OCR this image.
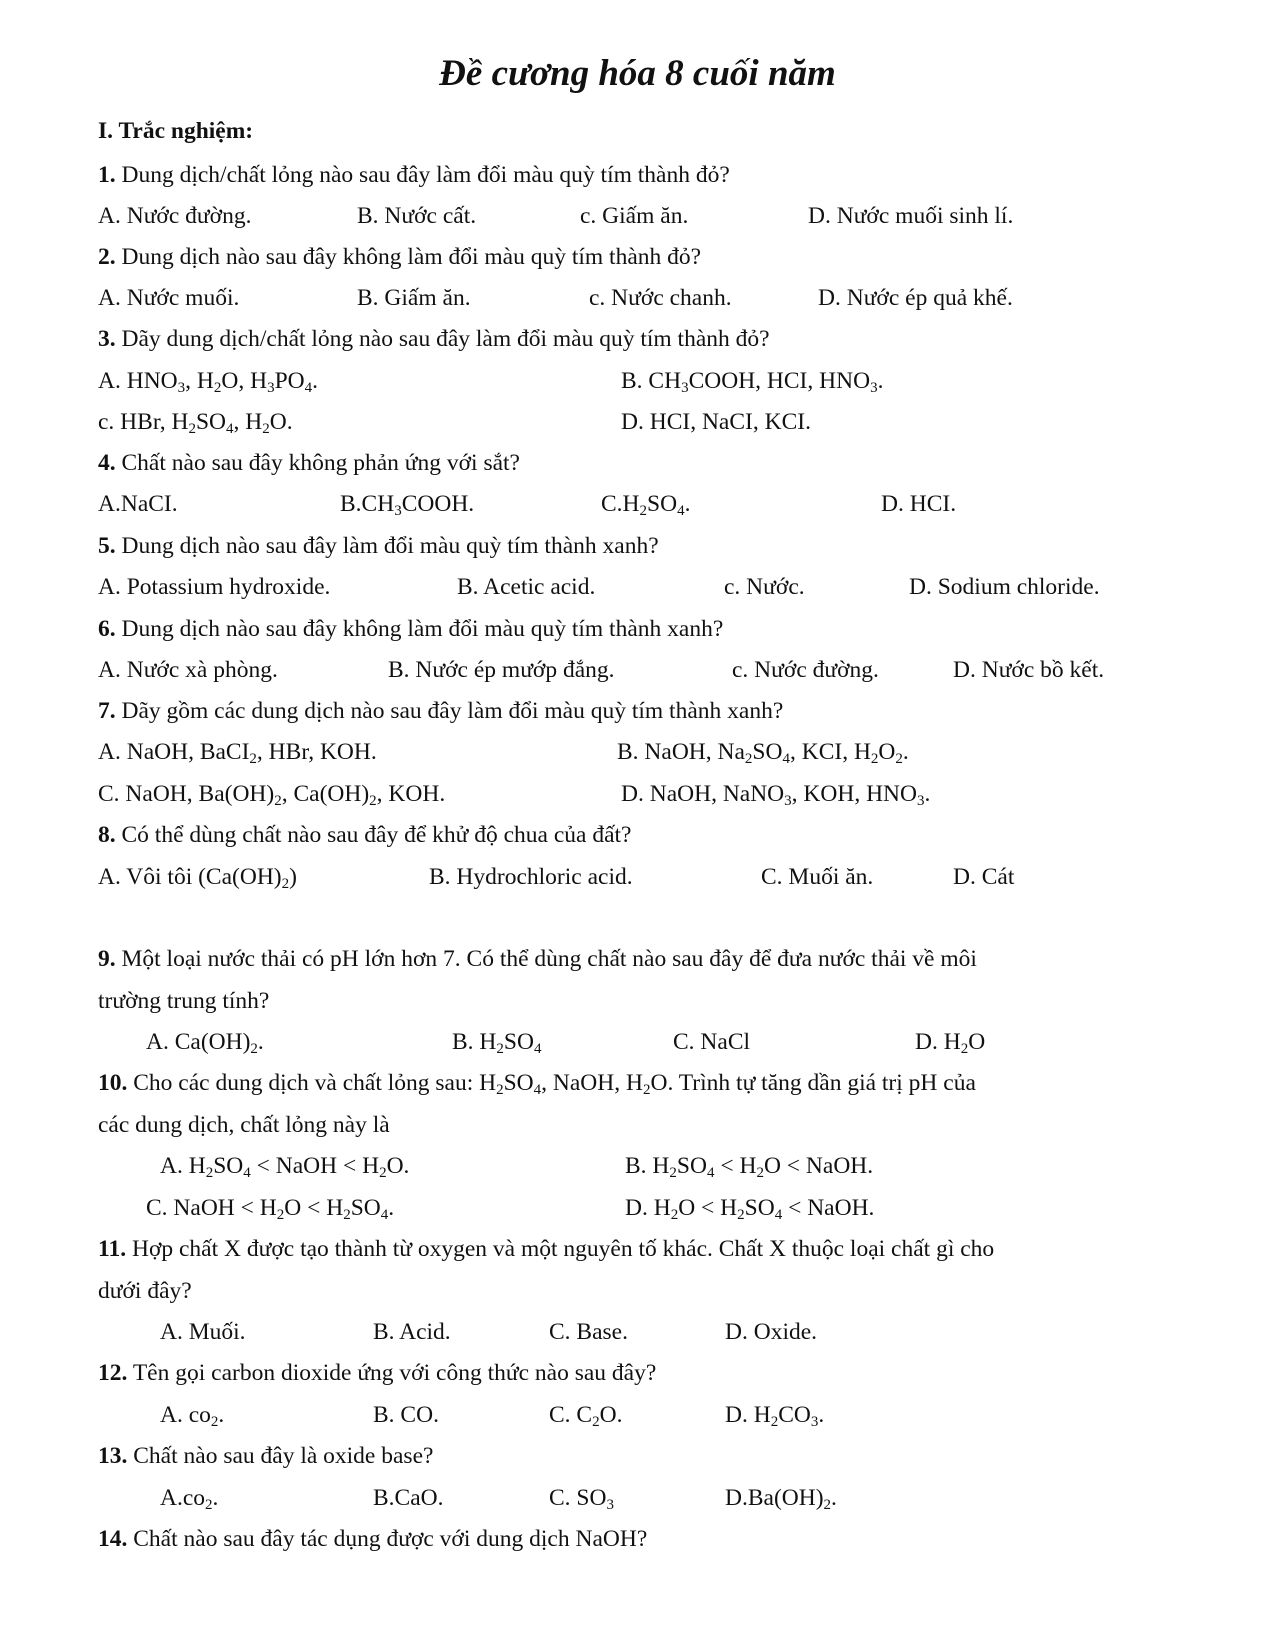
Đề cương hóa 8 cuối năm
I. Trắc nghiệm:
1. Dung dịch/chất lỏng nào sau đây làm đổi màu quỳ tím thành đỏ?
A. Nước đường.	B. Nước cất.	c. Giấm ăn.	D. Nước muối sinh lí.
2. Dung dịch nào sau đây không làm đổi màu quỳ tím thành đỏ?
A. Nước muối.	B. Giấm ăn.	c. Nước chanh.	D. Nước ép quả khế.
3. Dãy dung dịch/chất lỏng nào sau đây làm đổi màu quỳ tím thành đỏ?
A. $HNO_3$, $H_2O$, $H_3PO_4$.	B. $CH_3COOH$, HCI, $HNO_3$.
c. HBr, $H_2SO_4$, $H_2O$.	D. HCI, NaCI, KCI.
4. Chất nào sau đây không phản ứng với sắt?
A.NaCI.	$B.CH_3COOH$.	$C.H_2SO_4$.	D. HCI.
5. Dung dịch nào sau đây làm đổi màu quỳ tím thành xanh?
A. Potassium hydroxide.	B. Acetic acid.	c. Nước.	D. Sodium chloride.
6. Dung dịch nào sau đây không làm đổi màu quỳ tím thành xanh?
A. Nước xà phòng.	B. Nước ép mướp đắng.	c. Nước đường.	D. Nước bồ kết.
7. Dãy gồm các dung dịch nào sau đây làm đổi màu quỳ tím thành xanh?
A. NaOH, BaCI$_2$, HBr, KOH.	B. NaOH, $Na_2SO_4$, KCI, $H_2O_2$.
C. NaOH, $Ba(OH)_2$, $Ca(OH)_2$, KOH.	D. NaOH, NaNO$_3$, KOH, $HNO_3$.
8. Có thể dùng chất nào sau đây để khử độ chua của đất?
A. Vôi tôi $(Ca(OH)_2)$	B. Hydrochloric acid.	C. Muối ăn.	D. Cát
9. Một loại nước thải có pH lớn hơn 7. Có thể dùng chất nào sau đây để đưa nước thải về môi
trường trung tính?
A. $Ca(OH)_2$.	B. $H_2SO_4$	C. NaCl	D. $H_2O$
10. Cho các dung dịch và chất lỏng sau: $H_2SO_4$, NaOH, $H_2O$. Trình tự tăng dần giá trị pH của
các dung dịch, chất lỏng này là
A. $H_2SO_4$ < NaOH < $H_2O$.	B. $H_2SO_4 < H_2O$ < NaOH.
C. NaOH < $H_2O < H_2SO_4$.	D. $H_2O < H_2SO_4$ < NaOH.
11. Hợp chất X được tạo thành từ oxygen và một nguyên tố khác. Chất X thuộc loại chất gì cho
dưới đây?
A. Muối.	B. Acid.	C. Base.	D. Oxide.
12. Tên gọi carbon dioxide ứng với công thức nào sau đây?
A. $co_2$.	B. CO.	C. $C_2O$.	D. $H_2CO_3$.
13. Chất nào sau đây là oxide base?
$A.co_2$.	B.CaO.	C. $SO_3$	$D.Ba(OH)_2$.
14. Chất nào sau đây tác dụng được với dung dịch NaOH?
